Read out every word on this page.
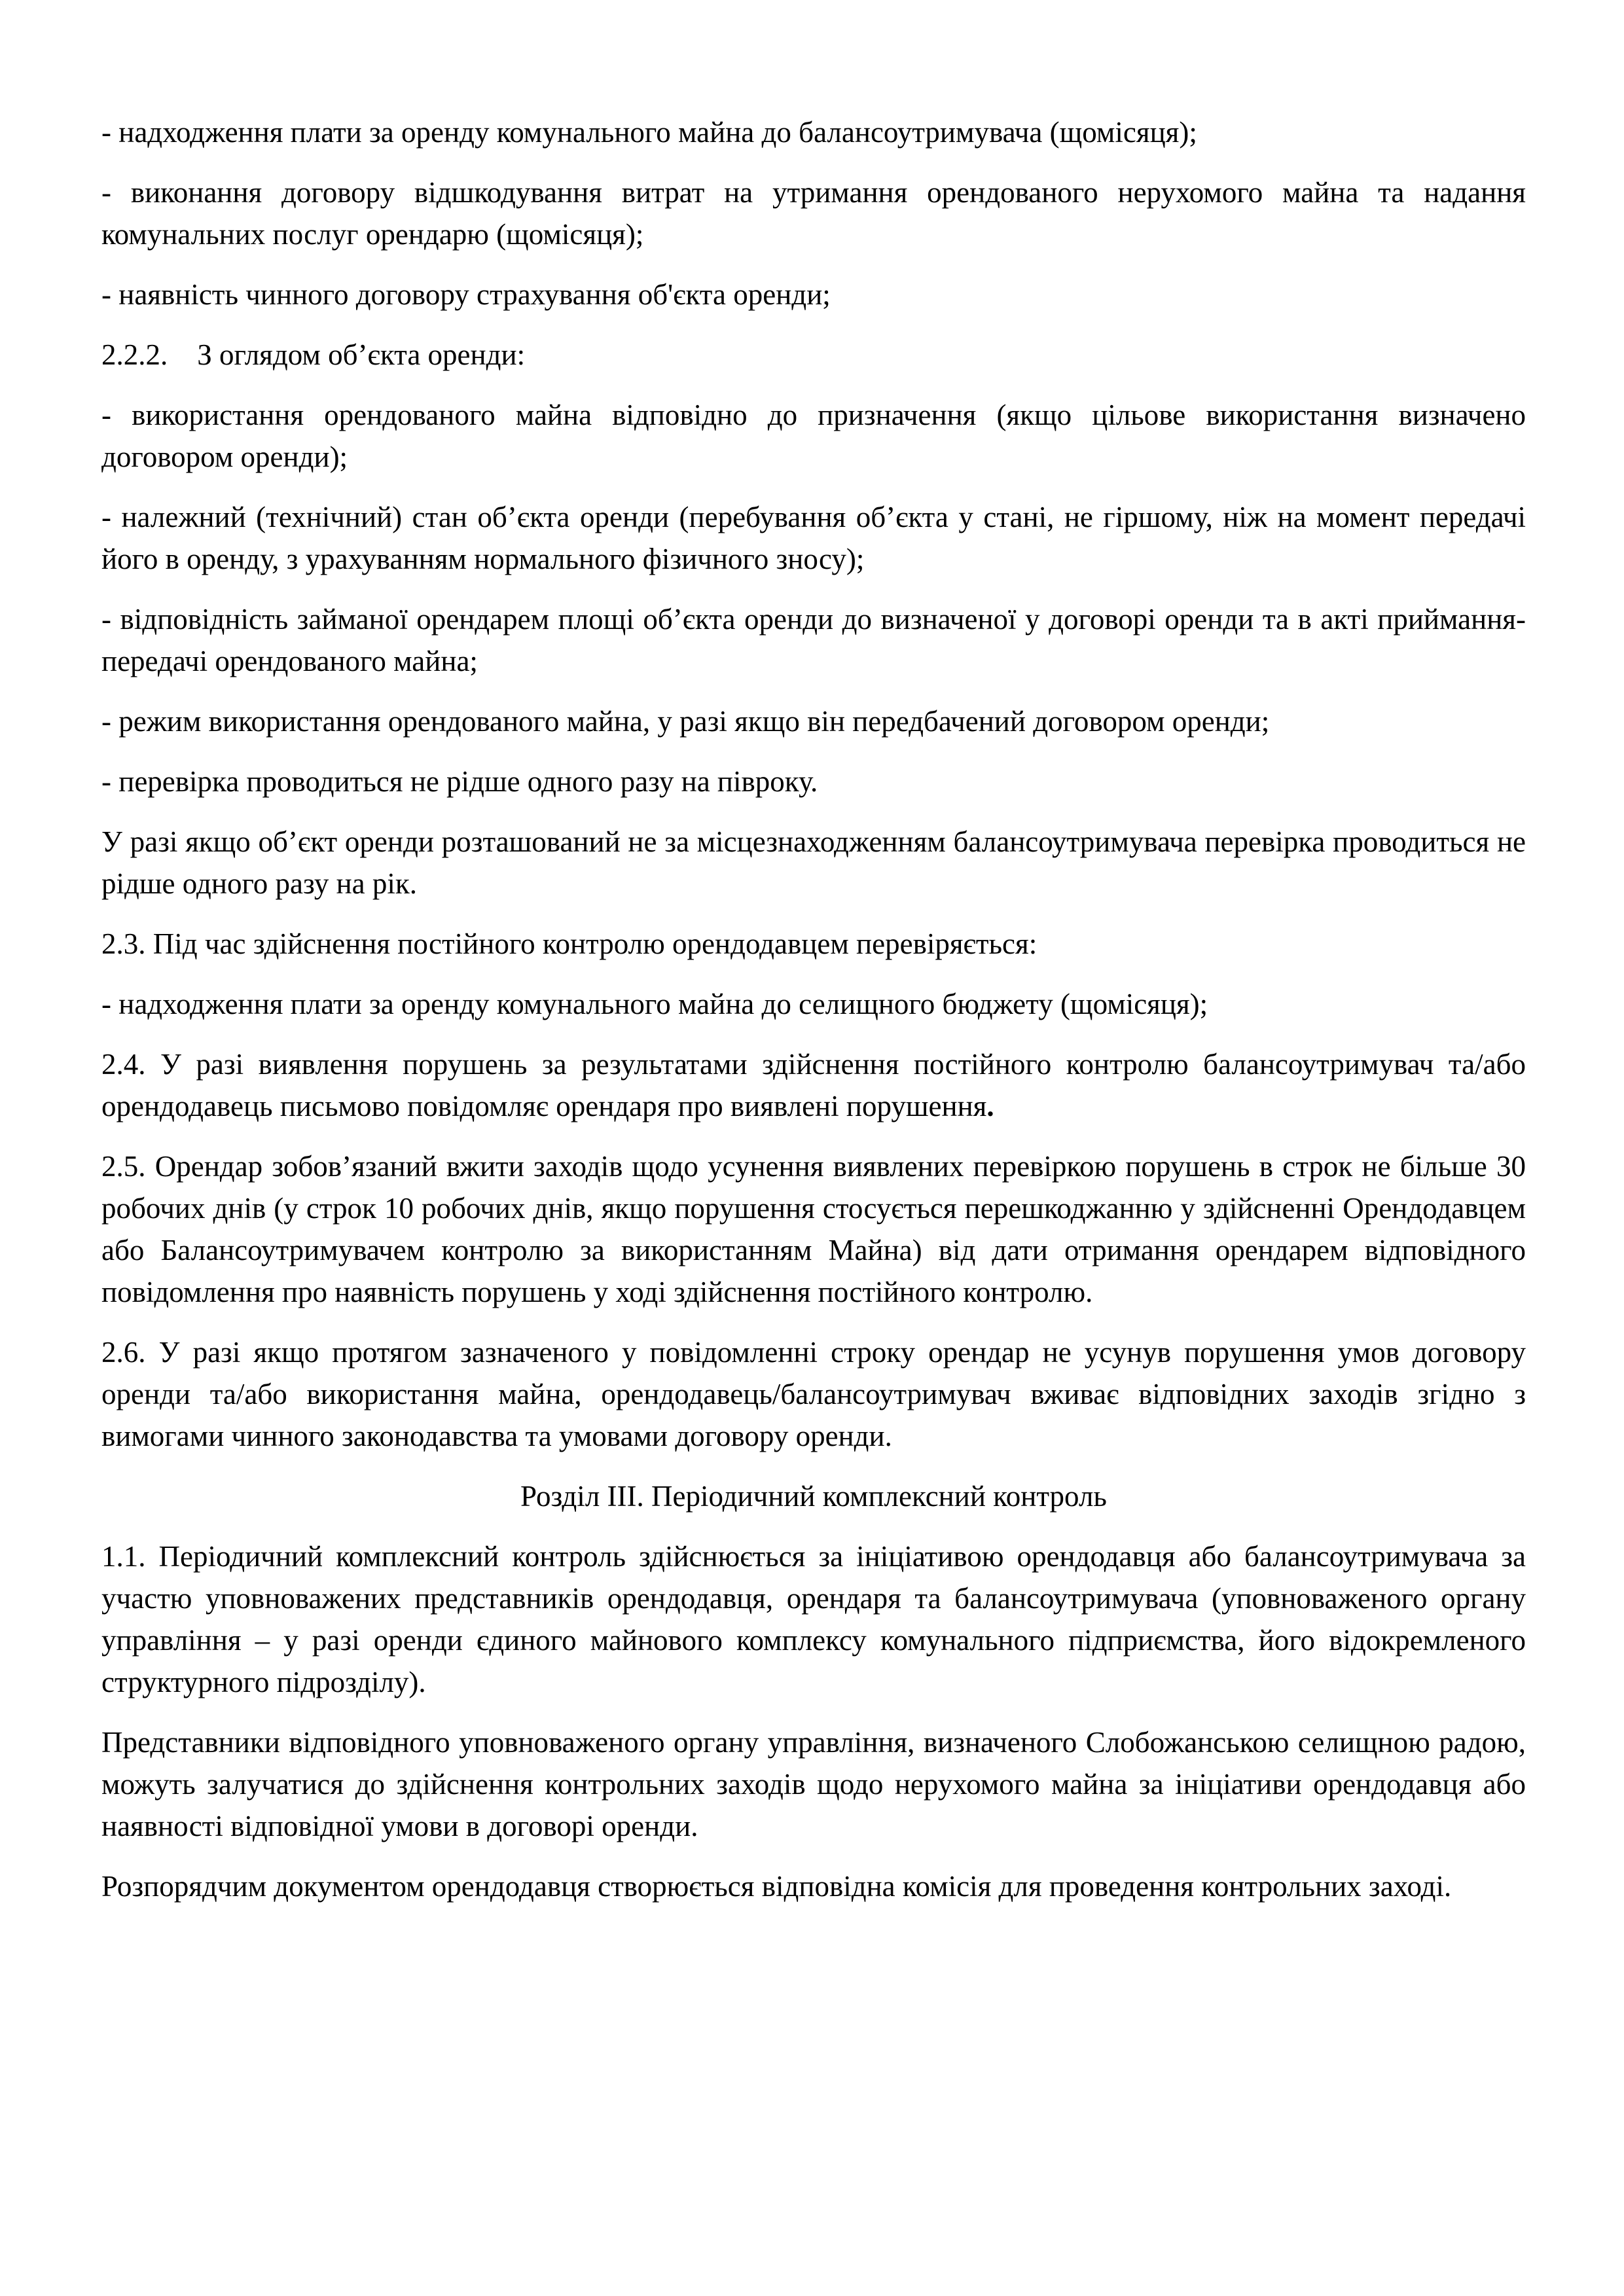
- надходження плати за оренду комунального майна до балансоутримувача (щомісяця);

- виконання договору відшкодування витрат на утримання орендованого нерухомого майна та надання комунальних послуг орендарю (щомісяця);

- наявність чинного договору страхування об'єкта оренди;

2.2.2. З оглядом об’єкта оренди:

- використання орендованого майна відповідно до призначення (якщо цільове використання визначено договором оренди);

- належний (технічний) стан об’єкта оренди (перебування об’єкта у стані, не гіршому, ніж на момент передачі його в оренду, з урахуванням нормального фізичного зносу);

- відповідність займаної орендарем площі об’єкта оренди до визначеної у договорі оренди та в акті приймання-передачі орендованого майна;

- режим використання орендованого майна, у разі якщо він передбачений договором оренди;

- перевірка проводиться не рідше одного разу на півроку.

У разі якщо об’єкт оренди розташований не за місцезнаходженням балансоутримувача перевірка проводиться не рідше одного разу на рік.

2.3. Під час здійснення постійного контролю орендодавцем перевіряється:

- надходження плати за оренду комунального майна до селищного бюджету (щомісяця);

2.4. У разі виявлення порушень за результатами здійснення постійного контролю балансоутримувач та/або орендодавець письмово повідомляє орендаря про виявлені порушення.

2.5. Орендар зобов’язаний вжити заходів щодо усунення виявлених перевіркою порушень в строк не більше 30 робочих днів (у строк 10 робочих днів, якщо порушення стосується перешкоджанню у здійсненні Орендодавцем або Балансоутримувачем контролю за використанням Майна) від дати отримання орендарем відповідного повідомлення про наявність порушень у ході здійснення постійного контролю.

2.6. У разі якщо протягом зазначеного у повідомленні строку орендар не усунув порушення умов договору оренди та/або використання майна, орендодавець/балансоутримувач вживає відповідних заходів згідно з вимогами чинного законодавства та умовами договору оренди.

Розділ III. Періодичний комплексний контроль

1.1. Періодичний комплексний контроль здійснюється за ініціативою орендодавця або балансоутримувача за участю уповноважених представників орендодавця, орендаря та балансоутримувача (уповноваженого органу управління – у разі оренди єдиного майнового комплексу комунального підприємства, його відокремленого структурного підрозділу).

Представники відповідного уповноваженого органу управління, визначеного Слобожанською селищною радою, можуть залучатися до здійснення контрольних заходів щодо нерухомого майна за ініціативи орендодавця або наявності відповідної умови в договорі оренди.

Розпорядчим документом орендодавця створюється відповідна комісія для проведення контрольних заході.
